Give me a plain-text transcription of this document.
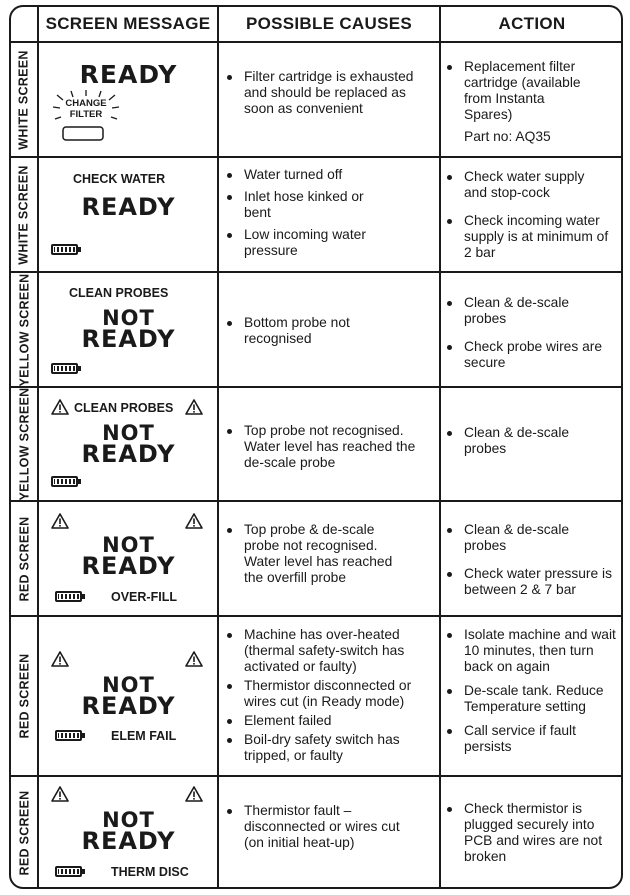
SCREEN MESSAGE	POSSIBLE CAUSES	ACTION
WHITE SCREEN
WHITE SCREEN
YELLOW SCREEN
YELLOW SCREEN
RED SCREEN
RED SCREEN
RED SCREEN
READY
CHANGE
FILTER
CHECK WATER
READY
CLEAN PROBES
NOT
READY
CLEAN PROBES
NOT
READY
NOT
READY
OVER-FILL
NOT
READY
ELEM FAIL
NOT
READY
THERM DISC
Filter cartridge is exhausted and should be replaced as soon as convenient
Water turned off
Inlet hose kinked or bent
Low incoming water pressure
Bottom probe not recognised
Top probe not recognised. Water level has reached the de-scale probe
Top probe & de-scale probe not recognised. Water level has reached the overfill probe
Machine has over-heated (thermal safety-switch has activated or faulty)
Thermistor disconnected or wires cut (in Ready mode)
Element failed
Boil-dry safety switch has tripped, or faulty
Thermistor fault – disconnected or wires cut (on initial heat-up)
Replacement filter cartridge (available from Instanta Spares)

Part no: AQ35

Check water supply and stop-cock
Check incoming water supply is at minimum of 2 bar
Clean & de-scale probes
Check probe wires are secure
Clean & de-scale probes
Clean & de-scale probes
Check water pressure is between 2 & 7 bar
Isolate machine and wait 10 minutes, then turn back on again
De-scale tank. Reduce Temperature setting
Call service if fault persists
Check thermistor is plugged securely into PCB and wires are not broken
